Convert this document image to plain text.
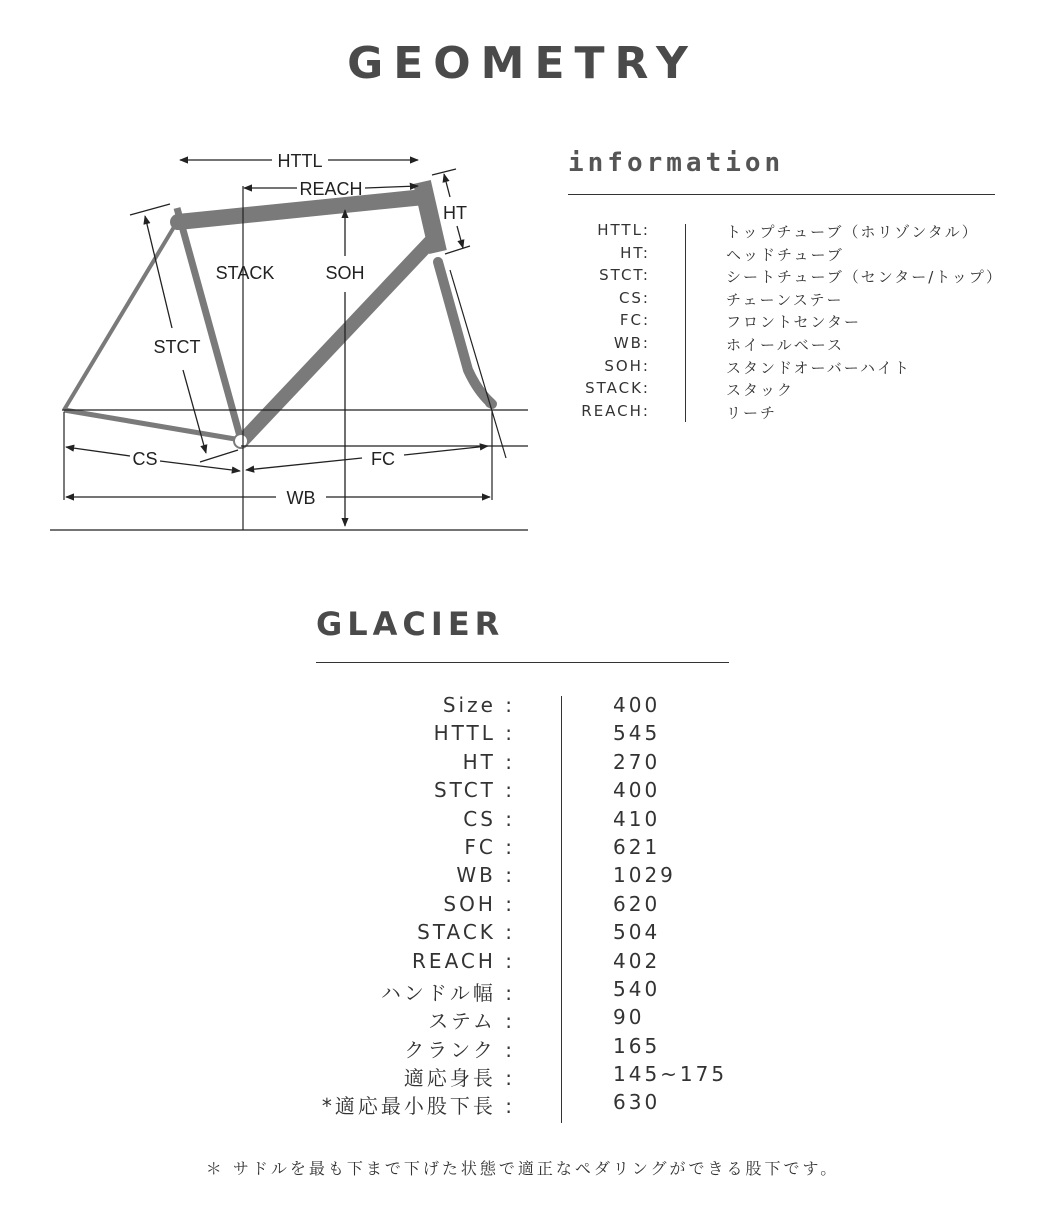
GEOMETRY
HTTL
REACH
HT
STACK	SOH
STCT
CS	FC
WB
information
HTTL:	トップチューブ（ホリゾンタル）
HT:	ヘッドチューブ
STCT:	シートチューブ（センター/トップ）
CS:	チェーンステー
FC:	フロントセンター
WB:	ホイールベース
SOH:	スタンドオーバーハイト
STACK:	スタック
REACH:	リーチ
GLACIER
Size :	400
HTTL :	545
HT :	270
STCT :	400
CS :	410
FC :	621
WB :	1029
SOH :	620
STACK :	504
REACH :	402
ハンドル幅 :	540
ステム :	90
クランク :	165
適応身長 :	145~175
*適応最小股下長 :	630

＊ サドルを最も下まで下げた状態で適正なペダリングができる股下です。
